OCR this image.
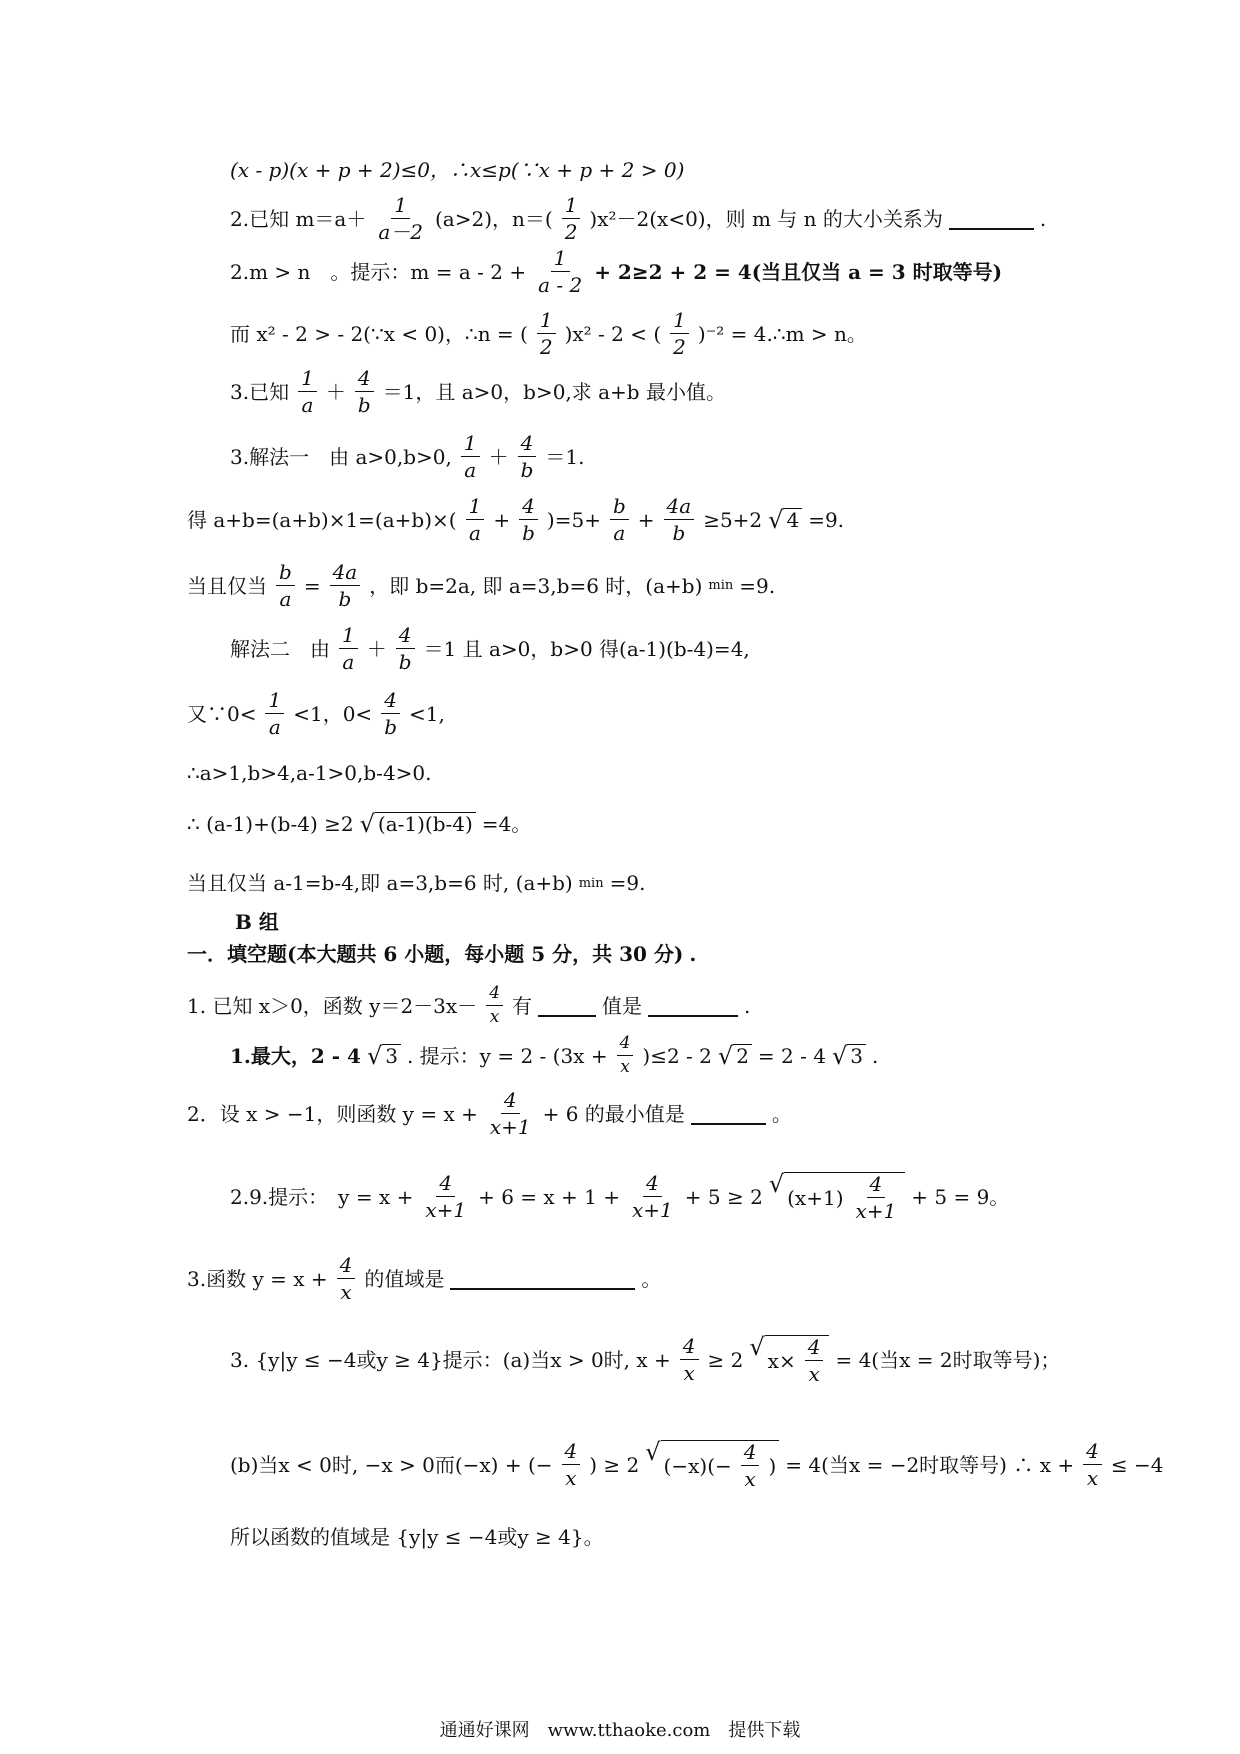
(x - p)(x + p + 2)≤0，∴x≤p(∵x + p + 2 > 0)
2.已知 $m=a+ \frac{1}{a-2} (a>2)$，$n=( \frac{1}{2} )x^2-2(x<0)$，则 m 与 n 的大小关系为	.
2.m > n　。提示：$m = a - 2 + \frac{1}{a - 2} + 2\ge 2 + 2 = 4$(当且仅当 a = 3 时取等号)
而 x² - 2 > - 2(∵x < 0)，∴n = ( $\frac{1}{2} )x^2 - 2$ < ( $\frac{1}{2} )^{-2}$ = 4.∴m > n。
3.已知 $\frac{1}{a} + \frac{4}{b} =1$，且 a>0，b>0,求 a+b 最小值。
3.解法一　由 a>0,b>0, $\frac{1}{a} + \frac{4}{b} =1$.
得 $a+b=(a+b)\times 1=(a+b)\times( \frac{1}{a} + \frac{4}{b} )=5+ \frac{b}{a} + \frac{4a}{b} \ge 5+2$ √ 4 =9.
当且仅当 $\frac{b}{a} = \frac{4a}{b}$ ，即 b=2a, 即 a=3,b=6 时，(a+b) min =9.
解法二　由 $\frac{1}{a} + \frac{4}{b} =1$ 且 a>0，b>0 得(a-1)(b-4)=4,
又∵0< $\frac{1}{a} <1$，$0< \frac{4}{b} <1$,
∴a>1,b>4,a-1>0,b-4>0.
∴ (a-1)+(b-4) ≥2 √ (a-1)(b-4) =4。
当且仅当 a-1=b-4,即 a=3,b=6 时, (a+b) min =9.
B 组
一．填空题(本大题共 6 小题，每小题 5 分，共 30 分) .
1. 已知 x＞0，函数 $y=2-3x- \frac{4}{x}$ 有	值是	.
1.最大，2 - 4 √ 3 . 提示：$y = 2 - (3x + \frac{4}{x} )\le 2 - 2$ √ 2 = 2 - 4 √ 3 .
2．设 x > −1，则函数 $y = x + \frac{4}{x+1} + 6$ 的最小值是	。
2.9.提示：　$y = x + \frac{4}{x+1} + 6 = x + 1 + \frac{4}{x+1} + 5 \ge 2$ √ $(x+1) \frac{4}{x+1} + 5 = 9$。
3.函数 $y = x + \frac{4}{x}$ 的值域是	。
3. {y|y ≤ −4或y ≥ 4}提示：(a)当x > 0时, $x + \frac{4}{x} \ge 2$ √ $x\times \frac{4}{x} = 4$(当x = 2时取等号)；
(b)当x < 0时, −x > 0而(−x) + (− $\frac{4}{x}$ ) ≥ 2 √ $(-x)(- \frac{4}{x}$ ) = 4(当x = −2时取等号) ∴ $x + \frac{4}{x} \le -4$
所以函数的值域是 {y|y ≤ −4或y ≥ 4}。
通通好课网　www.tthaoke.com　提供下载
